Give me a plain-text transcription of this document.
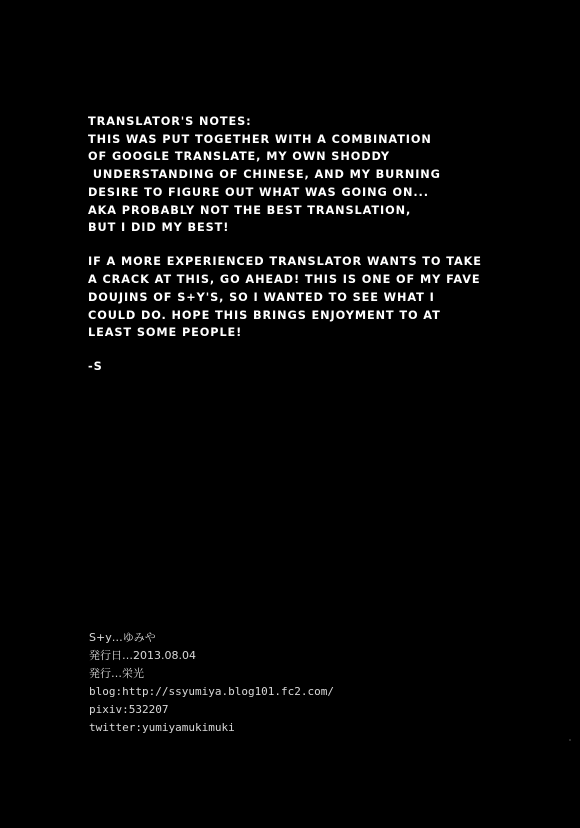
TRANSLATOR'S NOTES:
THIS WAS PUT TOGETHER WITH A COMBINATION
OF GOOGLE TRANSLATE, MY OWN SHODDY
UNDERSTANDING OF CHINESE, AND MY BURNING
DESIRE TO FIGURE OUT WHAT WAS GOING ON...
AKA PROBABLY NOT THE BEST TRANSLATION,
BUT I DID MY BEST!
IF A MORE EXPERIENCED TRANSLATOR WANTS TO TAKE
A CRACK AT THIS, GO AHEAD! THIS IS ONE OF MY FAVE
DOUJINS OF S+Y'S, SO I WANTED TO SEE WHAT I
COULD DO. HOPE THIS BRINGS ENJOYMENT TO AT
LEAST SOME PEOPLE!
-S
S+y…ゆみや
発行日…2013.08.04
発行…栄光
blog:http://ssyumiya.blog101.fc2.com/
pixiv:532207
twitter:yumiyamukimuki
